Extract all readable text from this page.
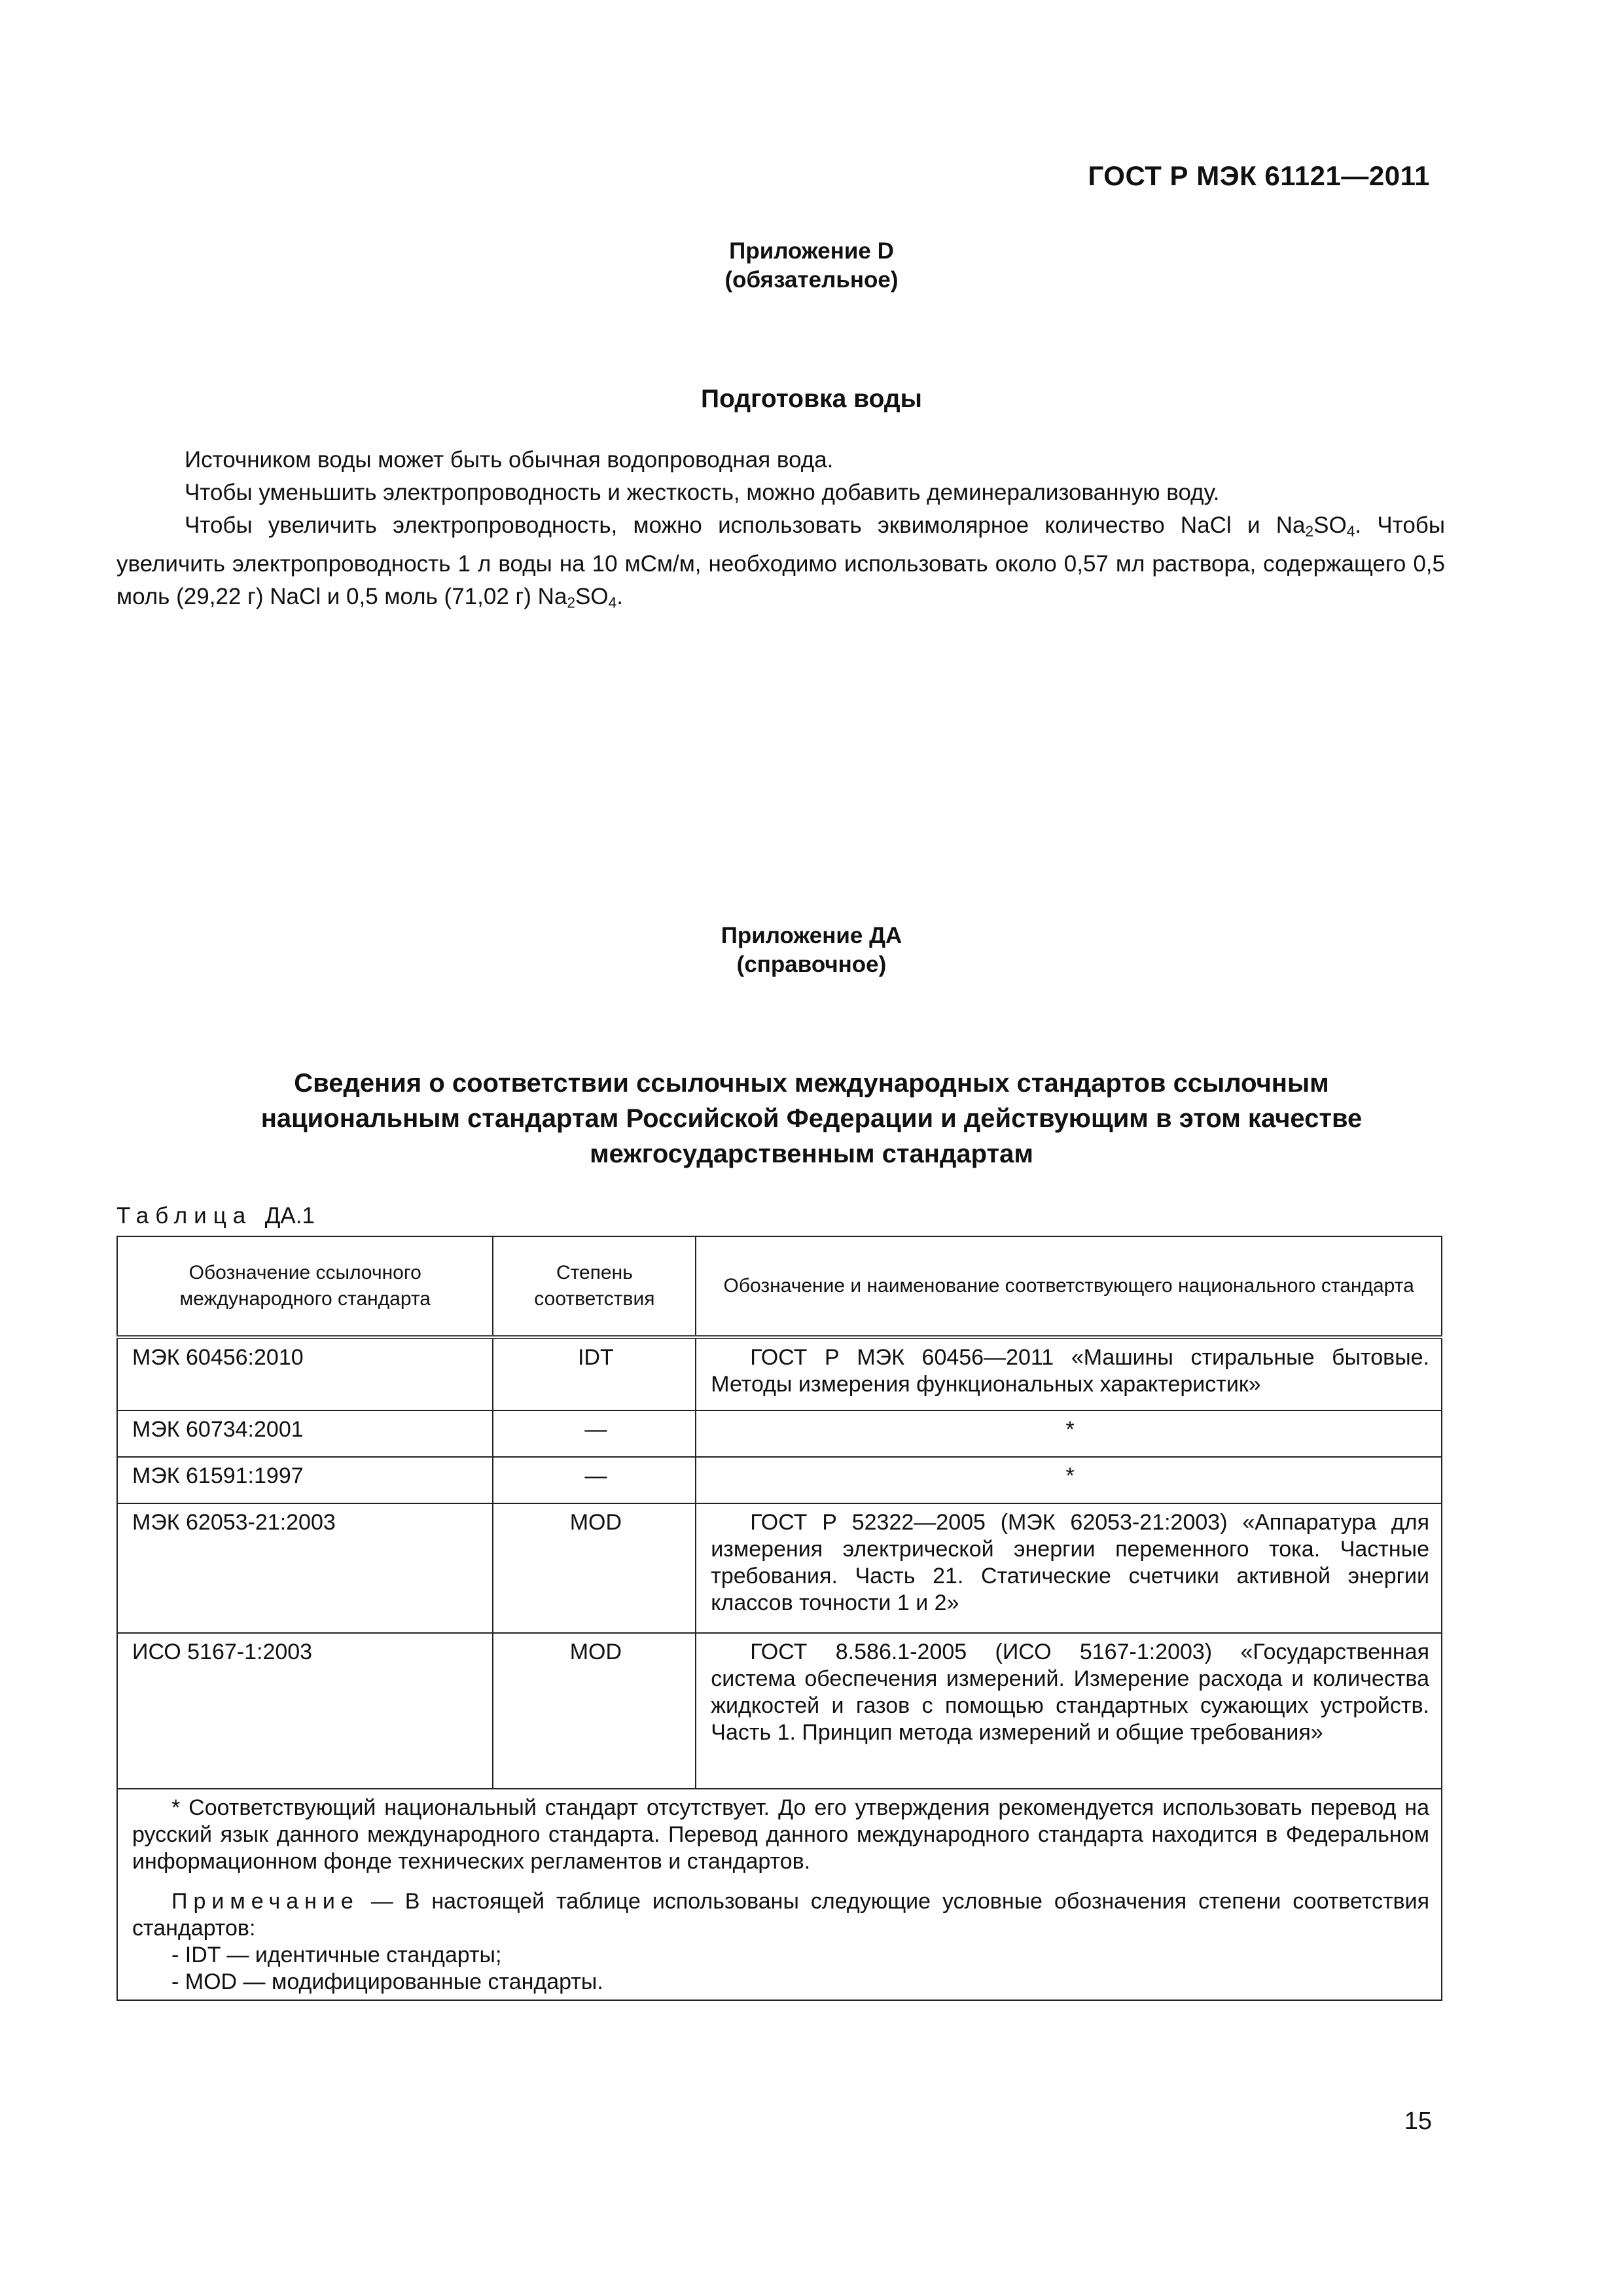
ГОСТ Р МЭК 61121—2011
Приложение D
(обязательное)
Подготовка воды

Источником воды может быть обычная водопроводная вода.

Чтобы уменьшить электропроводность и жесткость, можно добавить деминерализованную воду.

Чтобы увеличить электропроводность, можно использовать эквимолярное количество NaCl и $Na_2SO_4$. Чтобы увеличить электропроводность 1 л воды на 10 мСм/м, необходимо использовать около 0,57 мл раствора, содержащего 0,5 моль (29,22 г) NaCl и 0,5 моль (71,02 г) $Na_2SO_4$.

Приложение ДА
(справочное)
Сведения о соответствии ссылочных международных стандартов ссылочным
национальным стандартам Российской Федерации и действующим в этом качестве
межгосударственным стандартам
Таблица ДА.1
Обозначение ссылочного международного стандарта	Степень соответствия	Обозначение и наименование соответствующего национального стандарта
МЭК 60456:2010	IDT	ГОСТ Р МЭК 60456—2011 «Машины стиральные бытовые. Методы измерения функциональных характеристик»
МЭК 60734:2001	—	*
МЭК 61591:1997	—	*
МЭК 62053-21:2003	MOD	ГОСТ Р 52322—2005 (МЭК 62053-21:2003) «Аппаратура для измерения электрической энергии переменного тока. Частные требования. Часть 21. Статические счетчики активной энергии классов точности 1 и 2»
ИСО 5167-1:2003	MOD	ГОСТ 8.586.1-2005 (ИСО 5167-1:2003) «Государственная система обеспечения измерений. Измерение расхода и количества жидкостей и газов с помощью стандартных сужающих устройств. Часть 1. Принцип метода измерений и общие требования»

* Соответствующий национальный стандарт отсутствует. До его утверждения рекомендуется использовать перевод на русский язык данного международного стандарта. Перевод данного международного стандарта находится в Федеральном информационном фонде технических регламентов и стандартов.

Примечание — В настоящей таблице использованы следующие условные обозначения степени соответствия стандартов:

- IDT — идентичные стандарты;

- MOD — модифицированные стандарты.		

15
